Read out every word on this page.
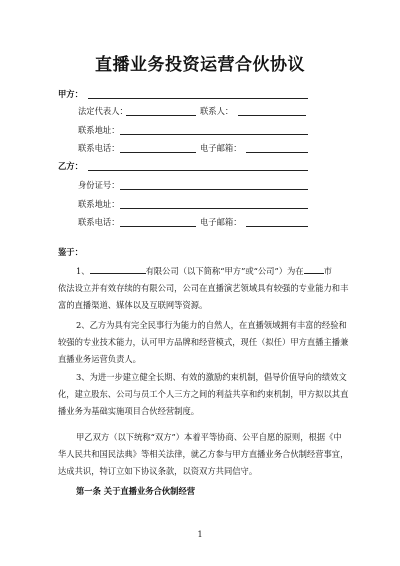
直播业务投资运营合伙协议
甲方：
法定代表人：	联系人：
联系地址：
联系电话：	电子邮箱：
乙方：
身份证号：
联系地址：
联系电话：	电子邮箱：
鉴于：
1、	有限公司（以下简称“甲方”或“公司”）为在 市
依法设立并有效存续的有限公司，公司在直播演艺领域具有较强的专业能力和丰
富的直播渠道、媒体以及互联网等资源。
2、乙方为具有完全民事行为能力的自然人，在直播领域拥有丰富的经验和
较强的专业技术能力，认可甲方品牌和经营模式，现任（拟任）甲方直播主播兼
直播业务运营负责人。
3、为进一步建立健全长期、有效的激励约束机制，倡导价值导向的绩效文
化，建立股东、公司与员工个人三方之间的利益共享和约束机制，甲方拟以其直
播业务为基础实施项目合伙经营制度。
甲乙双方（以下统称“双方”）本着平等协商、公平自愿的原则，根据《中
华人民共和国民法典》等相关法律，就乙方参与甲方直播业务合伙制经营事宜，
达成共识，特订立如下协议条款，以资双方共同信守。
第一条 关于直播业务合伙制经营
1
